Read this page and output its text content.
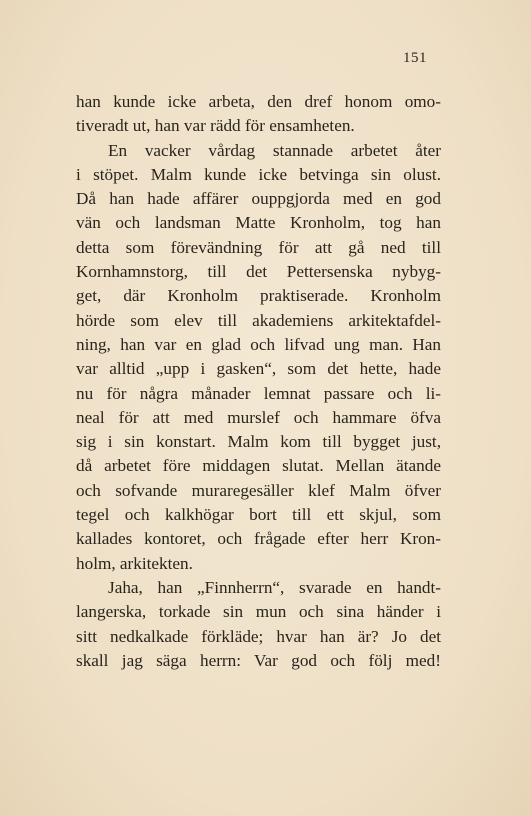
151
han kunde icke arbeta, den dref honom omo-
tiveradt ut, han var rädd för ensamheten.
En vacker vårdag stannade arbetet åter
i stöpet. Malm kunde icke betvinga sin olust.
Då han hade affärer ouppgjorda med en god
vän och landsman Matte Kronholm, tog han
detta som förevändning för att gå ned till
Kornhamnstorg, till det Pettersenska nybyg-
get, där Kronholm praktiserade. Kronholm
hörde som elev till akademiens arkitektafdel-
ning, han var en glad och lifvad ung man. Han
var alltid „upp i gasken“, som det hette, hade
nu för några månader lemnat passare och li-
neal för att med murslef och hammare öfva
sig i sin konstart. Malm kom till bygget just,
då arbetet före middagen slutat. Mellan ätande
och sofvande muraregesäller klef Malm öfver
tegel och kalkhögar bort till ett skjul, som
kallades kontoret, och frågade efter herr Kron-
holm, arkitekten.
Jaha, han „Finnherrn“, svarade en handt-
langerska, torkade sin mun och sina händer i
sitt nedkalkade förkläde; hvar han är? Jo det
skall jag säga herrn: Var god och följ med!
